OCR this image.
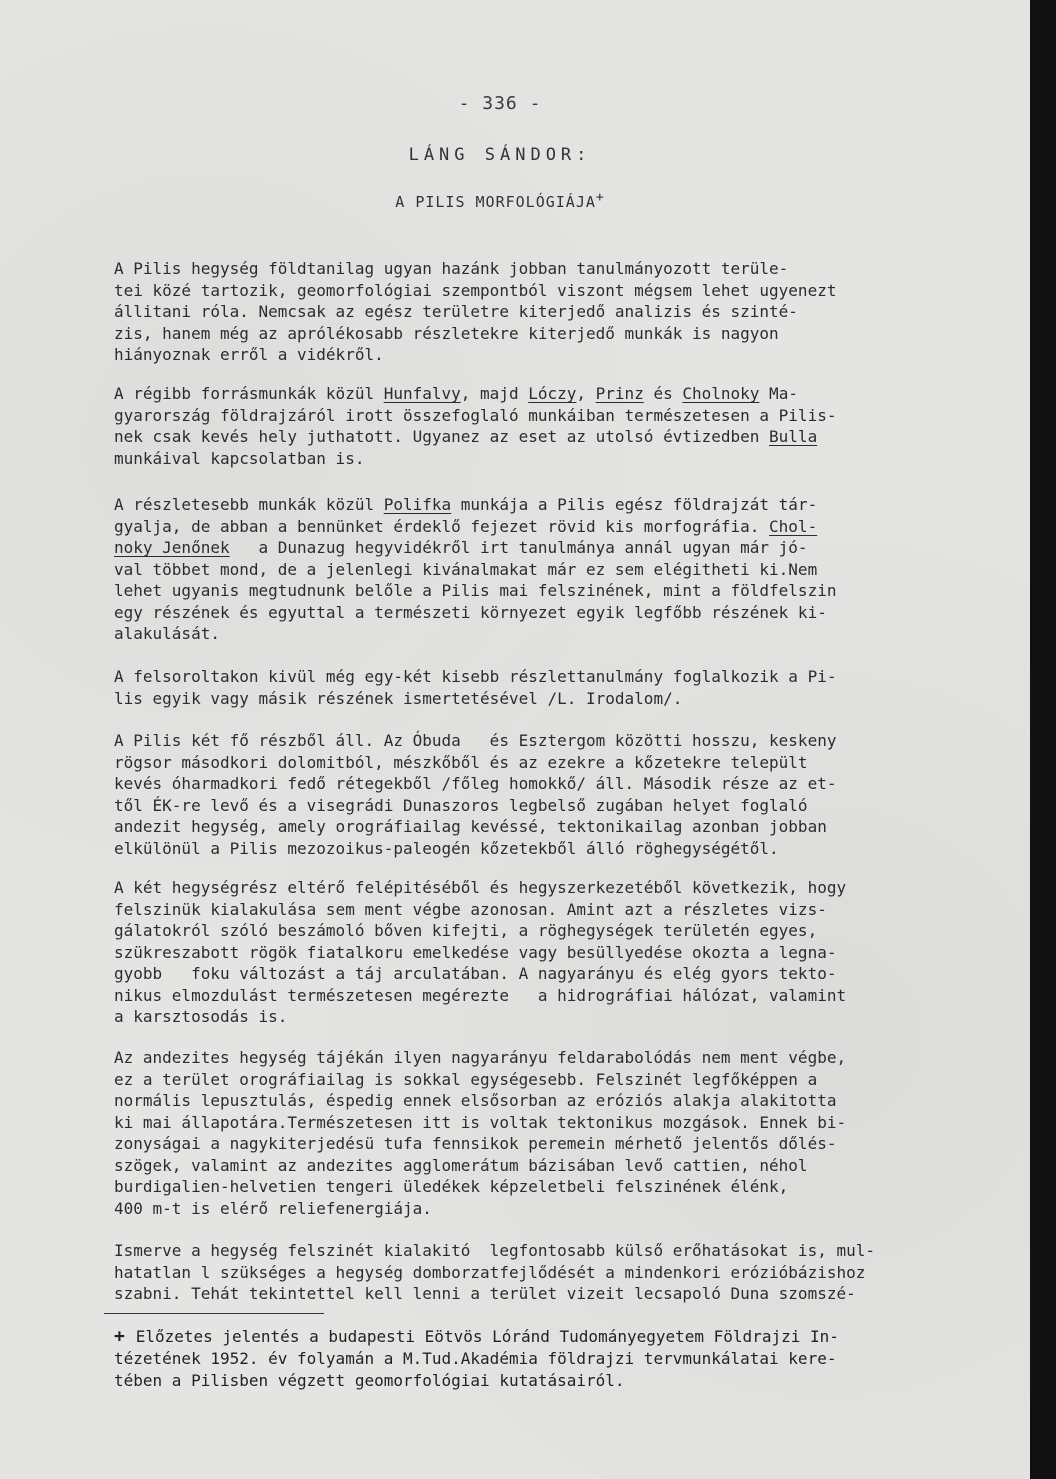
- 336 -
LÁNG SÁNDOR:
A PILIS MORFOLÓGIÁJA+
A Pilis hegység földtanilag ugyan hazánk jobban tanulmányozott terüle-
tei közé tartozik, geomorfológiai szempontból viszont mégsem lehet ugyenezt
állitani róla. Nemcsak az egész területre kiterjedő analizis és szinté-
zis, hanem még az aprólékosabb részletekre kiterjedő munkák is nagyon
hiányoznak erről a vidékről.

A régibb forrásmunkák közül Hunfalvy, majd Lóczy, Prinz és Cholnoky Ma-
gyarország földrajzáról irott összefoglaló munkáiban természetesen a Pilis-
nek csak kevés hely juthatott. Ugyanez az eset az utolsó évtizedben Bulla
munkáival kapcsolatban is.

A részletesebb munkák közül Polifka munkája a Pilis egész földrajzát tár-
gyalja, de abban a bennünket érdeklő fejezet rövid kis morfográfia. Chol-
noky Jenőnek   a Dunazug hegyvidékről irt tanulmánya annál ugyan már jó-
val többet mond, de a jelenlegi kivánalmakat már ez sem elégitheti ki.Nem
lehet ugyanis megtudnunk belőle a Pilis mai felszinének, mint a földfelszin
egy részének és egyuttal a természeti környezet egyik legfőbb részének ki-
alakulását.

A felsoroltakon kivül még egy-két kisebb részlettanulmány foglalkozik a Pi-
lis egyik vagy másik részének ismertetésével /L. Irodalom/.

A Pilis két fő részből áll. Az Óbuda   és Esztergom közötti hosszu, keskeny
rögsor másodkori dolomitból, mészkőből és az ezekre a kőzetekre települt
kevés óharmadkori fedő rétegekből /főleg homokkő/ áll. Második része az et-
től ÉK-re levő és a visegrádi Dunaszoros legbelső zugában helyet foglaló
andezit hegység, amely orográfiailag kevéssé, tektonikailag azonban jobban
elkülönül a Pilis mezozoikus-paleogén kőzetekből álló röghegységétől.

A két hegységrész eltérő felépitéséből és hegyszerkezetéből következik, hogy
felszinük kialakulása sem ment végbe azonosan. Amint azt a részletes vizs-
gálatokról szóló beszámoló bőven kifejti, a röghegységek területén egyes,
szükreszabott rögök fiatalkoru emelkedése vagy besüllyedése okozta a legna-
gyobb   foku változást a táj arculatában. A nagyarányu és elég gyors tekto-
nikus elmozdulást természetesen megérezte   a hidrográfiai hálózat, valamint
a karsztosodás is.

Az andezites hegység tájékán ilyen nagyarányu feldarabolódás nem ment végbe,
ez a terület orográfiailag is sokkal egységesebb. Felszinét legfőképpen a
normális lepusztulás, éspedig ennek elsősorban az eróziós alakja alakitotta
ki mai állapotára.Természetesen itt is voltak tektonikus mozgások. Ennek bi-
zonyságai a nagykiterjedésü tufa fennsikok peremein mérhető jelentős dőlés-
szögek, valamint az andezites agglomerátum bázisában levő cattien, néhol
burdigalien-helvetien tengeri üledékek képzeletbeli felszinének élénk,
400 m-t is elérő reliefenergiája.

Ismerve a hegység felszinét kialakitó  legfontosabb külső erőhatásokat is, mul-
hatatlan l szükséges a hegység domborzatfejlődését a mindenkori erózióbázishoz
szabni. Tehát tekintettel kell lenni a terület vizeit lecsapoló Duna szomszé-

+ Előzetes jelentés a budapesti Eötvös Lóránd Tudományegyetem Földrajzi In-
tézetének 1952. év folyamán a M.Tud.Akadémia földrajzi tervmunkálatai kere-
tében a Pilisben végzett geomorfológiai kutatásairól.
